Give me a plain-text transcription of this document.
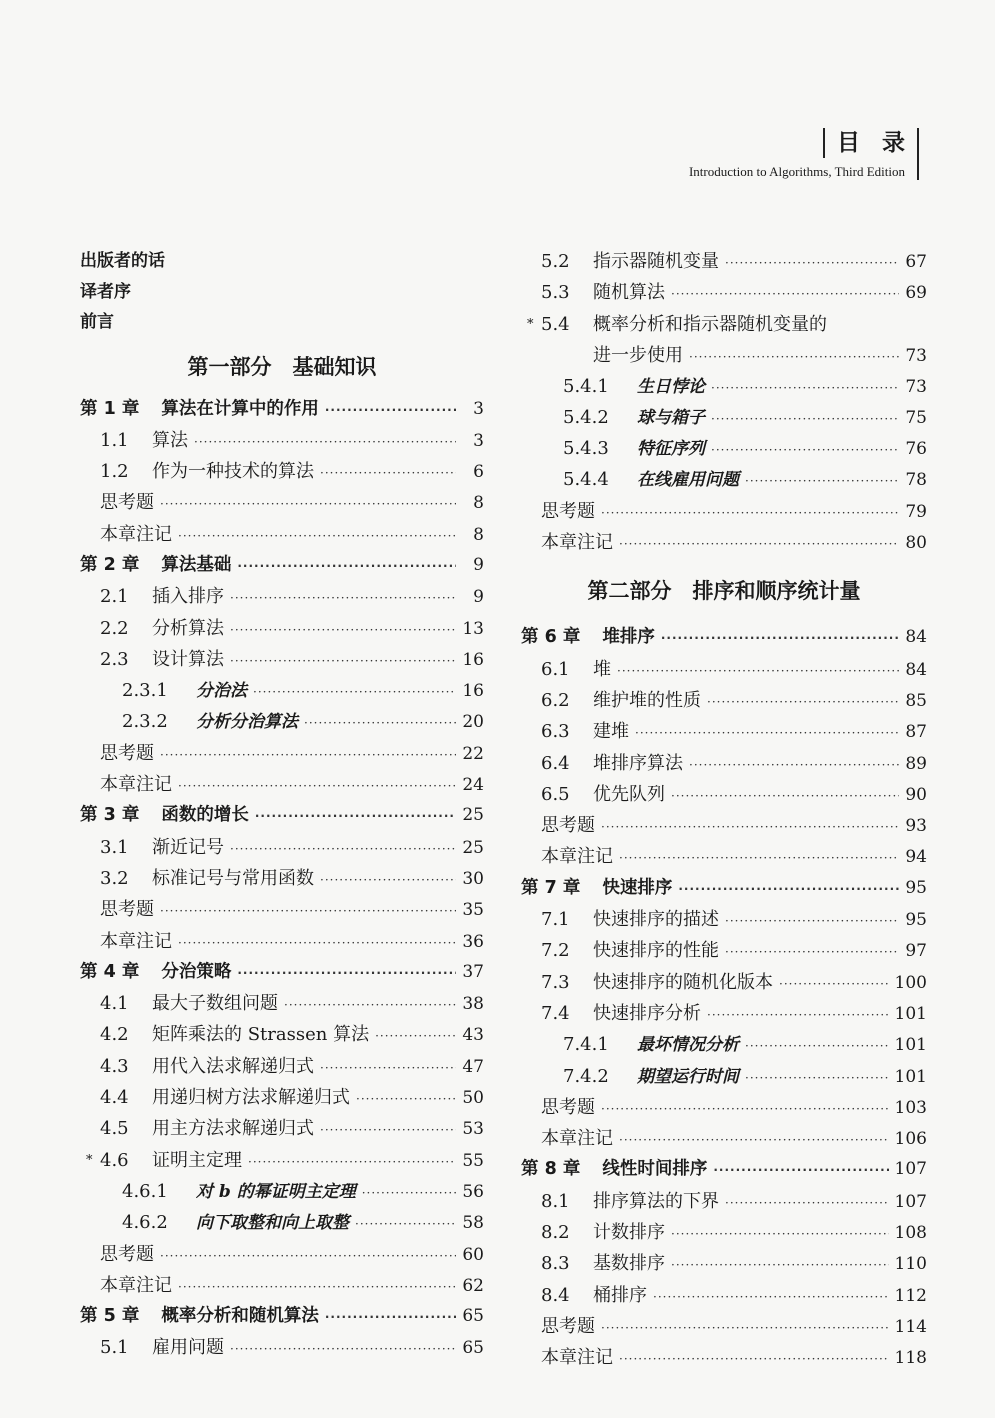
目录
Introduction to Algorithms, Third Edition
出版者的话
译者序
前言
第一部分　基础知识
第 1 章 算法在计算中的作用 ·····	3
1.1 算法 ·····	3
1.2 作为一种技术的算法 ·····	6
思考题 ·····	8
本章注记 ·····	8
第 2 章 算法基础 ·····	9
2.1 插入排序 ·····	9
2.2 分析算法 ·····	13
2.3 设计算法 ·····	16
2.3.1	分治法 ·····	16
2.3.2	分析分治算法 ·····	20
思考题 ·····	22
本章注记 ·····	24
第 3 章 函数的增长 ·····	25
3.1 渐近记号 ·····	25
3.2 标准记号与常用函数 ·····	30
思考题 ·····	35
本章注记 ·····	36
第 4 章 分治策略 ·····	37
4.1 最大子数组问题 ·····	38
4.2 矩阵乘法的 Strassen 算法 ·····	43
4.3 用代入法求解递归式 ·····	47
4.4 用递归树方法求解递归式 ·····	50
4.5 用主方法求解递归式 ·····	53
* 4.6 证明主定理 ·····	55
4.6.1	对 b 的幂证明主定理 ·····	56
4.6.2	向下取整和向上取整 ·····	58
思考题 ·····	60
本章注记 ·····	62
第 5 章 概率分析和随机算法 ·····	65
5.1 雇用问题 ·····	65
5.2 指示器随机变量 ·····	67
5.3 随机算法 ·····	69
* 5.4 概率分析和指示器随机变量的
进一步使用 ·····	73
5.4.1	生日悖论 ·····	73
5.4.2	球与箱子 ·····	75
5.4.3	特征序列 ·····	76
5.4.4	在线雇用问题 ·····	78
思考题 ·····	79
本章注记 ·····	80
第二部分　排序和顺序统计量
第 6 章 堆排序 ·····	84
6.1 堆 ·····	84
6.2 维护堆的性质 ·····	85
6.3 建堆 ·····	87
6.4 堆排序算法 ·····	89
6.5 优先队列 ·····	90
思考题 ·····	93
本章注记 ·····	94
第 7 章 快速排序 ·····	95
7.1 快速排序的描述 ·····	95
7.2 快速排序的性能 ·····	97
7.3 快速排序的随机化版本 ·····	100
7.4 快速排序分析 ·····	101
7.4.1	最坏情况分析 ·····	101
7.4.2	期望运行时间 ·····	101
思考题 ·····	103
本章注记 ·····	106
第 8 章 线性时间排序 ·····	107
8.1 排序算法的下界 ·····	107
8.2 计数排序 ·····	108
8.3 基数排序 ·····	110
8.4 桶排序 ·····	112
思考题 ·····	114
本章注记 ·····	118
